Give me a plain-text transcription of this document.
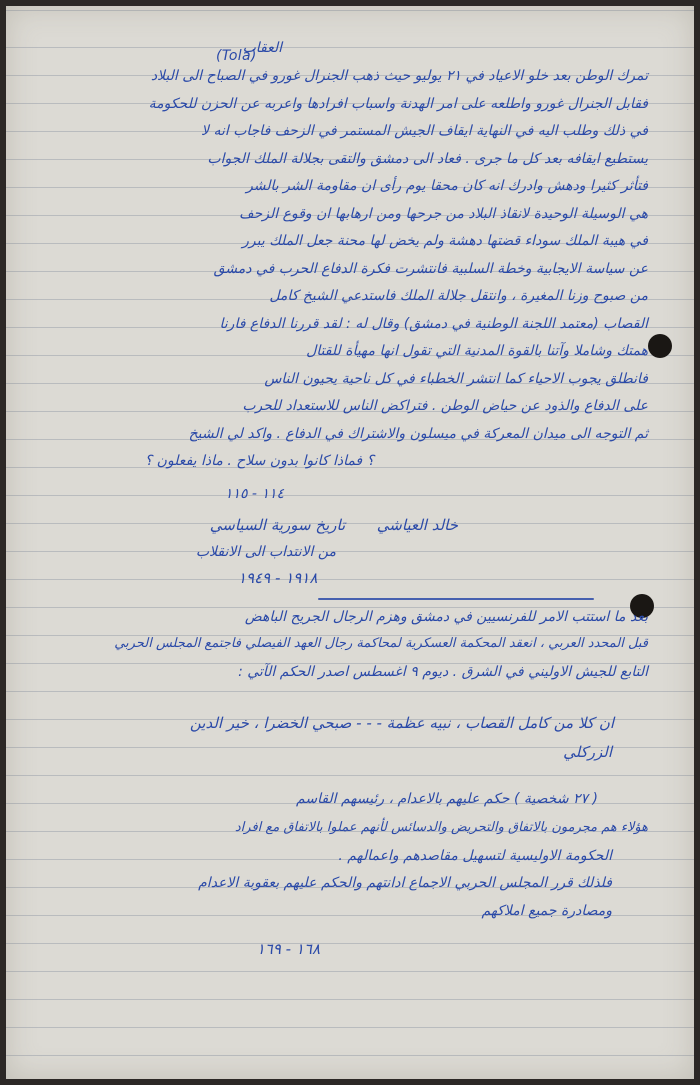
العقاب
(Tola)
تمرك الوطن بعد خلو الاعياد في ٢١ يوليو حيث ذهب الجنرال غورو في الصباح الى البلاد
فقابل الجنرال غورو واطلعه على امر الهدنة واسباب افرادها واعربه عن الحزن للحكومة
في ذلك وطلب اليه في النهاية ايقاف الجيش المستمر في الزحف فاجاب انه لا
يستطيع ايقافه بعد كل ما جرى . فعاد الى دمشق والتقى بجلالة الملك الجواب
فتأثر كثيرا ودهش وادرك انه كان محقا يوم رأى ان مقاومة الشر بالشر
هي الوسيلة الوحيدة لانقاذ البلاد من جرحها ومن ارهابها ان وقوع الزحف
في هيبة الملك سوداء قضتها دهشة ولم يخض لها محنة جعل الملك يبرر
عن سياسة الايجابية وخطة السلبية فانتشرت فكرة الدفاع الحرب في دمشق
من صبوح وزنا المغيرة ، وانتقل جلالة الملك فاستدعي الشيخ كامل
القصاب (معتمد اللجنة الوطنية في دمشق) وقال له : لقد قررنا الدفاع فارنا
همتك وشاملا وآتنا بالقوة المدنية التي تقول انها مهيأة للقتال
فانطلق يجوب الاحياء كما انتشر الخطباء في كل ناحية يحيون الناس
على الدفاع والذود عن حياض الوطن . فتراكض الناس للاستعداد للحرب
ثم التوجه الى ميدان المعركة في ميسلون والاشتراك في الدفاع . واكد لي الشيخ
؟ فماذا كانوا بدون سلاح . ماذا يفعلون ؟
١١٤ - ١١٥
خالد العياشي  تاريخ سورية السياسي
من الانتداب الى الانقلاب
١٩١٨ - ١٩٤٩
بعد ما استتب الامر للفرنسيين في دمشق وهزم الرجال الجريح الباهض
قبل المحدد العربي ، انعقد المحكمة العسكرية لمحاكمة رجال العهد الفيصلي فاجتمع المجلس الحربي
التابع للجيش الاوليني في الشرق . ديوم ٩ اغسطس اصدر الحكم الآتي :
ان كلا من كامل القصاب ، نبيه عظمة - - - صبحي الخضرا ، خير الدين
الزركلي
( ٢٧ شخصية ) حكم عليهم بالاعدام ، رئيسهم القاسم
هؤلاء هم مجرمون بالاتفاق والتحريض والدسائس لأنهم عملوا بالاتفاق مع افراد
الحكومة الاوليسية لتسهيل مقاصدهم واعمالهم .
فلذلك قرر المجلس الحربي الاجماع ادانتهم والحكم عليهم بعقوبة الاعدام
ومصادرة جميع املاكهم
١٦٨ - ١٦٩
